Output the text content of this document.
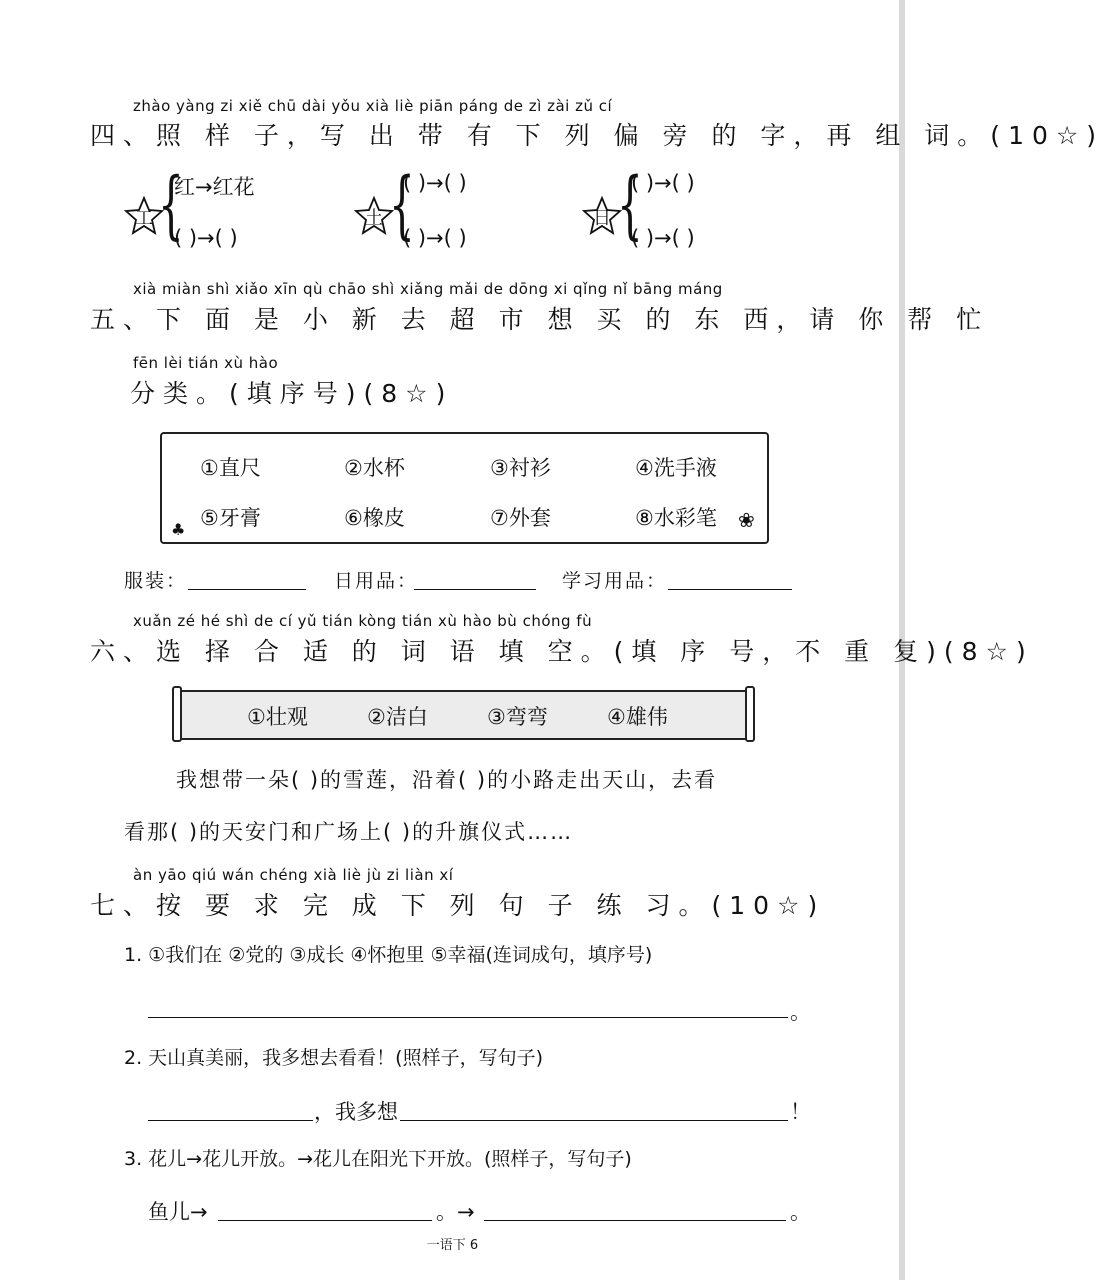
zhào yàng zi xiě chū dài yǒu xià liè piān páng de zì zài zǔ cí
四、照 样 子，写 出 带 有 下 列 偏 旁 的 字，再 组 词。(10☆)
工 {
红→红花
( )→( )
土 {
( )→( )
( )→( )
日 {
( )→( )
( )→( )
xià miàn shì xiǎo xīn qù chāo shì xiǎng mǎi de dōng xi qǐng nǐ bāng máng
五、下 面 是 小 新 去 超 市 想 买 的 东 西，请 你 帮 忙
fēn lèi tián xù hào
分类。(填序号)(8☆)
♣	❀
①直尺	②水杯	③衬衫	④洗手液
⑤牙膏	⑥橡皮	⑦外套	⑧水彩笔
服装：	日用品：	学习用品：
xuǎn zé hé shì de cí yǔ tián kòng tián xù hào bù chóng fù
六、选 择 合 适 的 词 语 填 空。(填 序 号，不 重 复)(8☆)
①壮观	②洁白	③弯弯	④雄伟
我想带一朵( )的雪莲，沿着( )的小路走出天山，去看
看那( )的天安门和广场上( )的升旗仪式……
àn yāo qiú wán chéng xià liè jù zi liàn xí
七、按 要 求 完 成 下 列 句 子 练 习。(10☆)
1. ①我们在 ②党的 ③成长 ④怀抱里 ⑤幸福(连词成句，填序号)
。
2. 天山真美丽，我多想去看看！(照样子，写句子)
，我多想	！
3. 花儿→花儿开放。→花儿在阳光下开放。(照样子，写句子)
鱼儿→	。→	。
一语下 6
